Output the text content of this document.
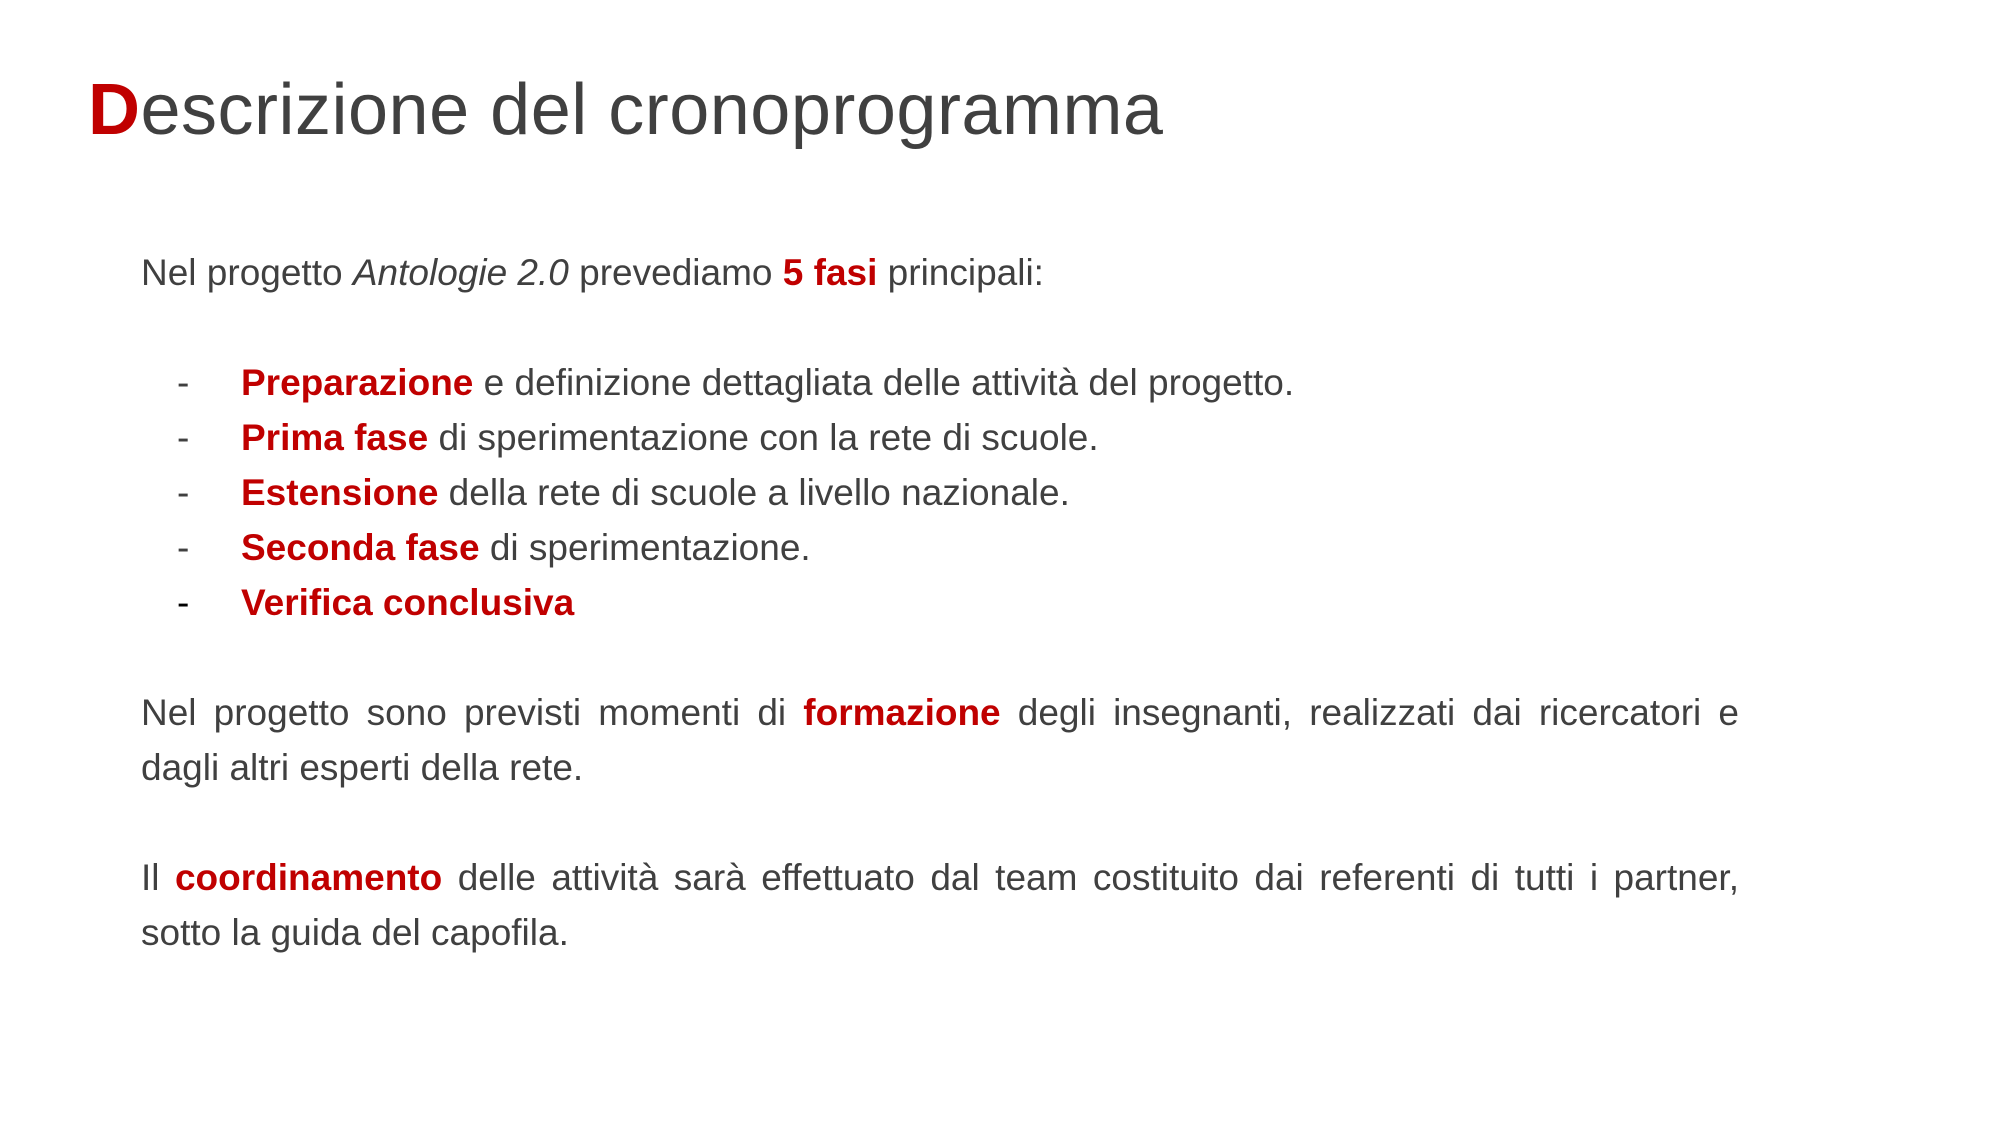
Descrizione del cronoprogramma

Nel progetto Antologie 2.0 prevediamo 5 fasi principali:

- Preparazione e definizione dettagliata delle attività del progetto.
- Prima fase di sperimentazione con la rete di scuole.
- Estensione della rete di scuole a livello nazionale.
- Seconda fase di sperimentazione.
- Verifica conclusiva

Nel progetto sono previsti momenti di formazione degli insegnanti, realizzati dai ricercatori e dagli altri esperti della rete.

Il coordinamento delle attività sarà effettuato dal team costituito dai referenti di tutti i partner, sotto la guida del capofila.
